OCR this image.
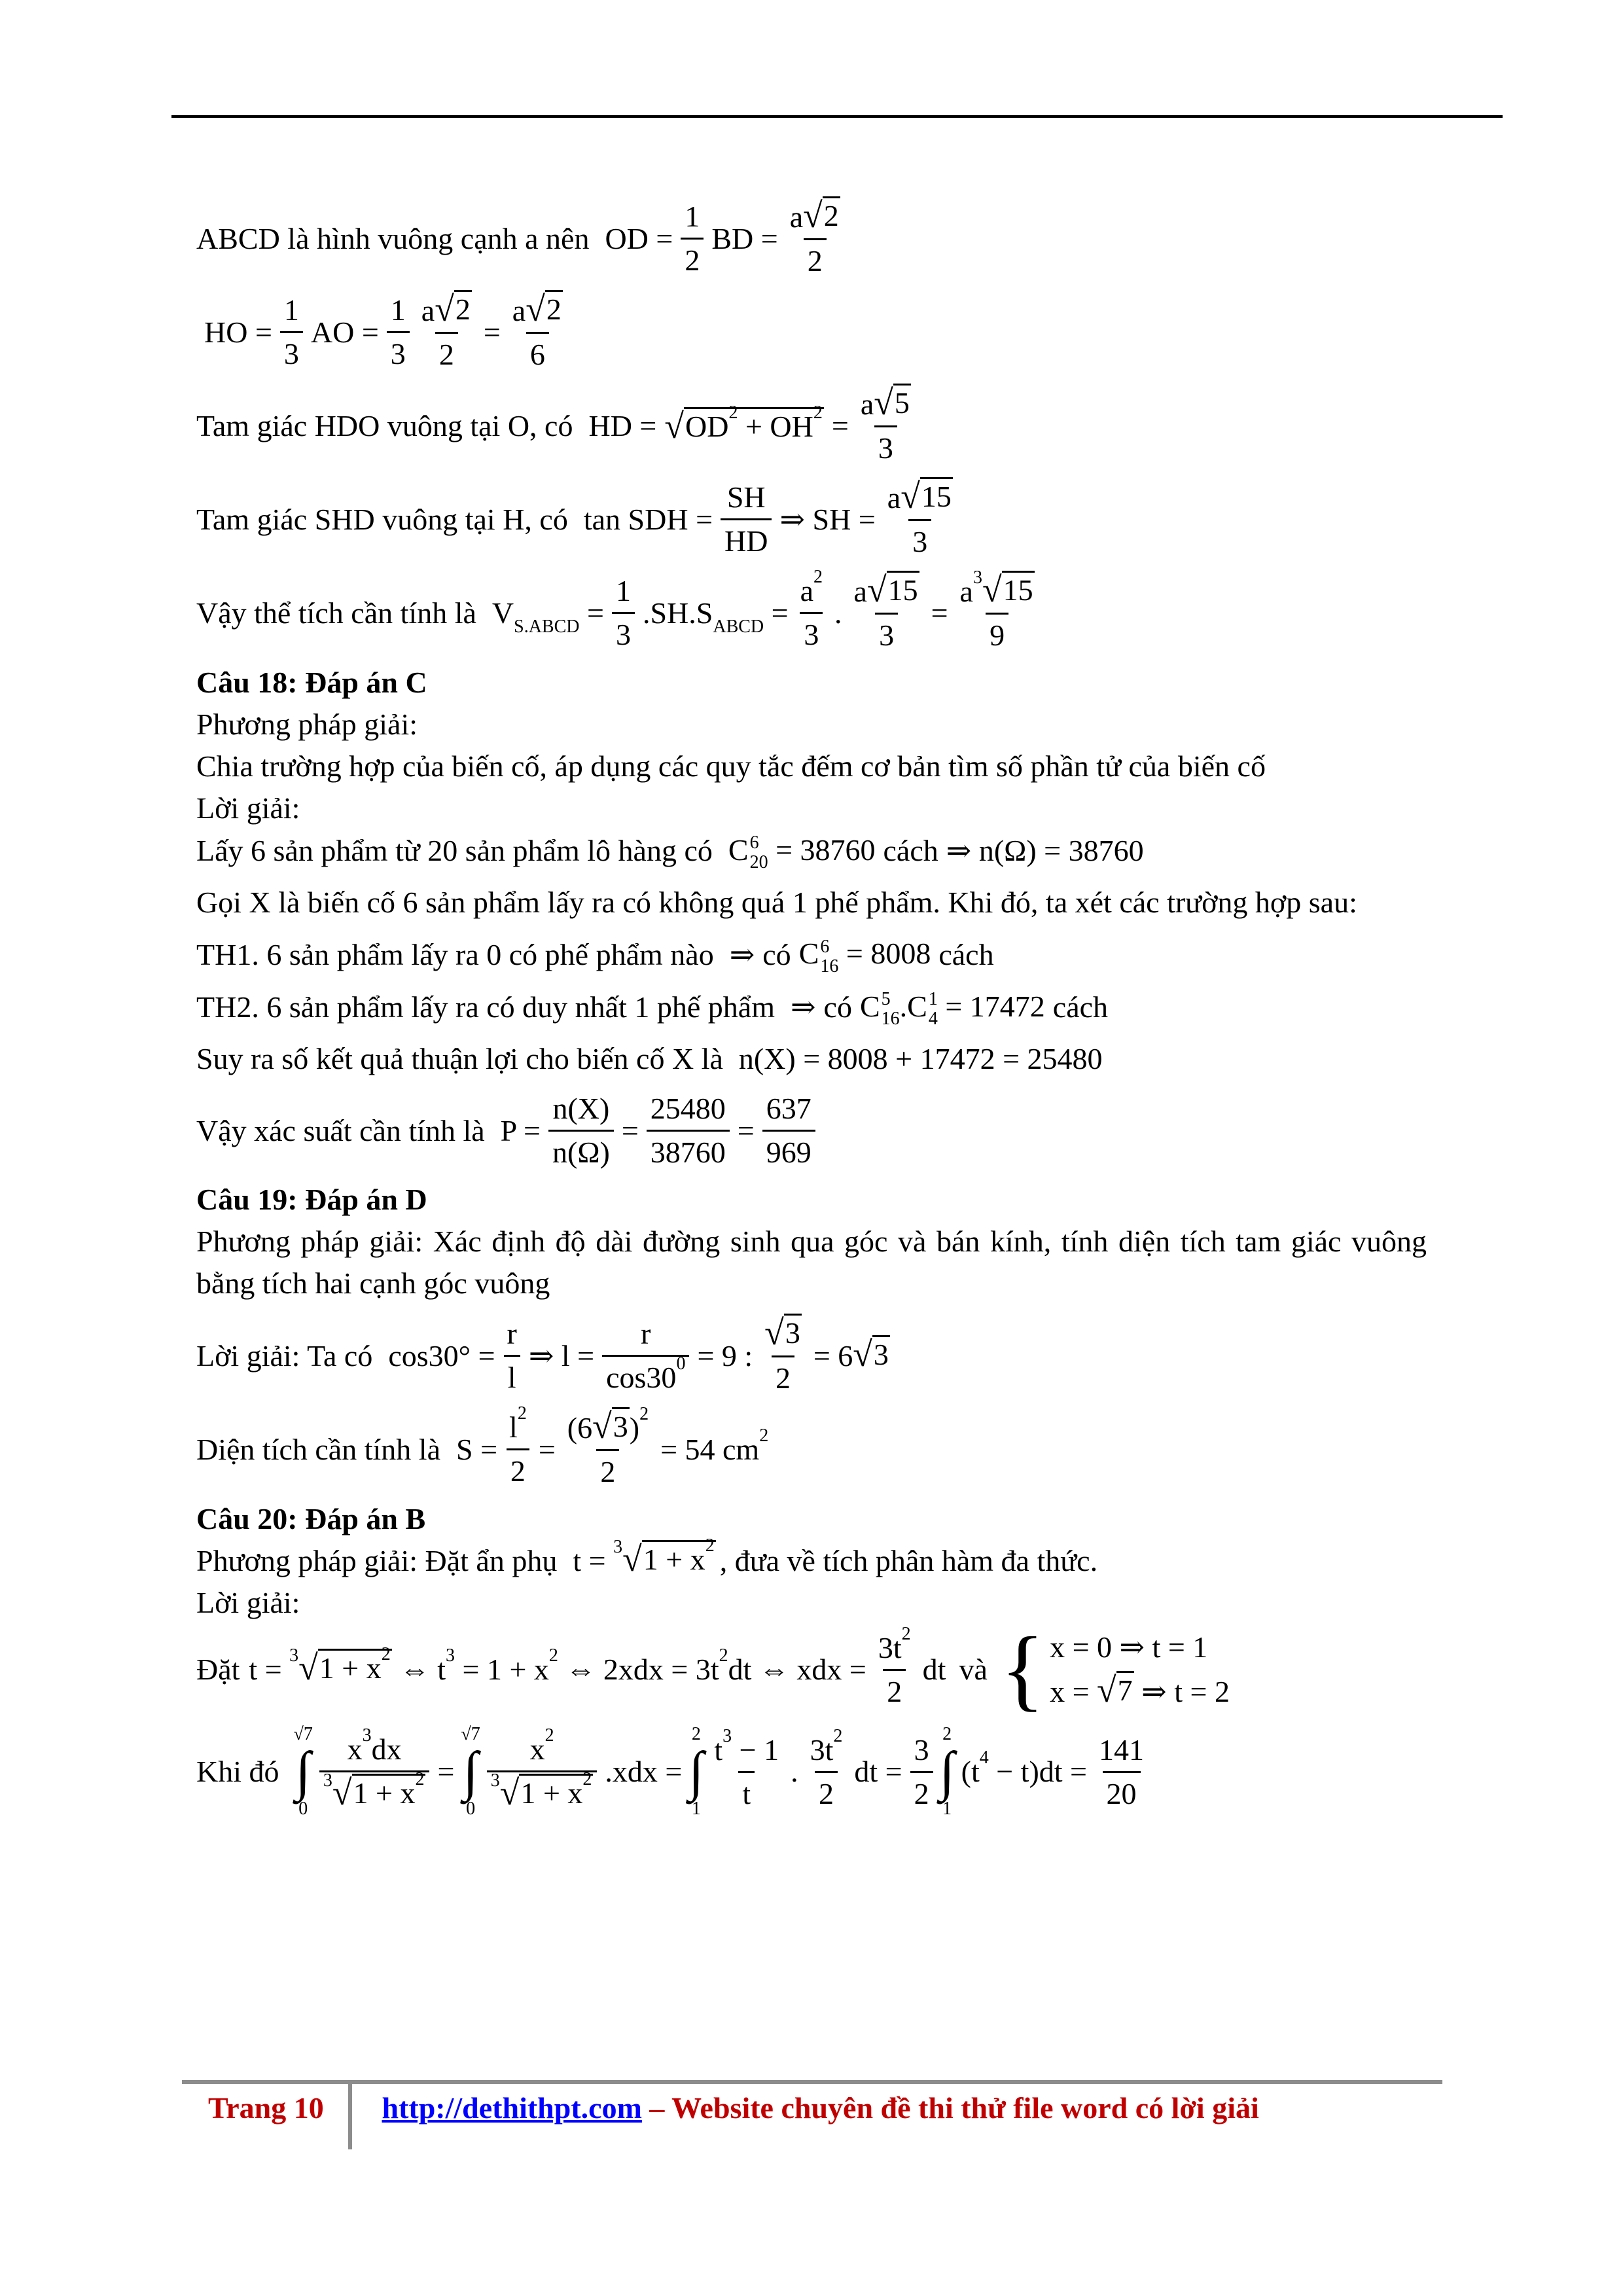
ABCD là hình vuông cạnh a nên OD = $\frac{1}{2}$ BD = $\frac{a √ 2}{2}$
HO = $\frac{1}{3}$ AO = $\frac{1}{3} \frac{a √ 2}{2} = \frac{a √ 2}{6}$
Tam giác HDO vuông tại O, có HD = √ $OD^2 + OH^2 = \frac{a √ 5}{3}$
Tam giác SHD vuông tại H, có tan SDH = $\frac{SH}{HD}$ ⇒ SH = $\frac{a √ 15}{3}$
Vậy thể tích cần tính là $V_{S.ABCD} = \frac{1}{3} .SH.S_{ABCD} = \frac{a^2}{3}$ . $\frac{a √ 15}{3} = \frac{a^3 √ 15}{9}$
Câu 18: Đáp án C
Phương pháp giải:
Chia trường hợp của biến cố, áp dụng các quy tắc đếm cơ bản tìm số phần tử của biến cố
Lời giải:
Lấy 6 sản phẩm từ 20 sản phẩm lô hàng có C 6
20 = 38760 cách ⇒ n(Ω) = 38760
Gọi X là biến cố 6 sản phẩm lấy ra có không quá 1 phế phẩm. Khi đó, ta xét các trường hợp sau:
TH1. 6 sản phẩm lấy ra 0 có phế phẩm nào ⇒ có C 6
16 = 8008 cách
TH2. 6 sản phẩm lấy ra có duy nhất 1 phế phẩm ⇒ có C 5
16 .C 1
4 = 17472 cách
Suy ra số kết quả thuận lợi cho biến cố X là n(X) = 8008 + 17472 = 25480
Vậy xác suất cần tính là $P = \frac{n(X)}{n(\Omega)} = \frac{25480}{38760} = \frac{637}{969}$
Câu 19: Đáp án D
Phương pháp giải: Xác định độ dài đường sinh qua góc và bán kính, tính diện tích tam giác vuông bằng tích hai cạnh góc vuông
Lời giải: Ta có $\cos 30^\circ = \frac{r}{l}$ ⇒ $l = \frac{r}{\cos 30^0} = 9$ : $\frac{√ 3}{2} = 6$ √ 3
Diện tích cần tính là $S = \frac{l^2}{2} = \frac{(6 √ 3 )^2}{2} = 54$ $cm^2$
Câu 20: Đáp án B
Phương pháp giải: Đặt ẩn phụ t = $^3$ √ $1 + x^2$ , đưa về tích phân hàm đa thức.
Lời giải:
Đặt t = $^3$ √ $1 + x^2$ ⇔ $t^3 = 1 + x^2$ ⇔ $2xdx = 3t^2dt$ ⇔ xdx = $\frac{3t^2}{2}$ dt và { x = 0 ⇒ t = 1
x = √ 7 ⇒ t = 2
Khi đó
√7
∫
$0 \frac{x^3dx}{^3 √ 1 + x^2}$ =
√7
∫
$0 \frac{x^2}{^3 √ 1 + x^2} .xdx$ =
2
∫
$1 \frac{t^3 - 1}{t}$ . $\frac{3t^2}{2}$ dt = $\frac{3}{2} 2$
∫
1
$(t^4 - t)dt = \frac{141}{20}$
Trang 10 http://dethithpt.com – Website chuyên đề thi thử file word có lời giải
